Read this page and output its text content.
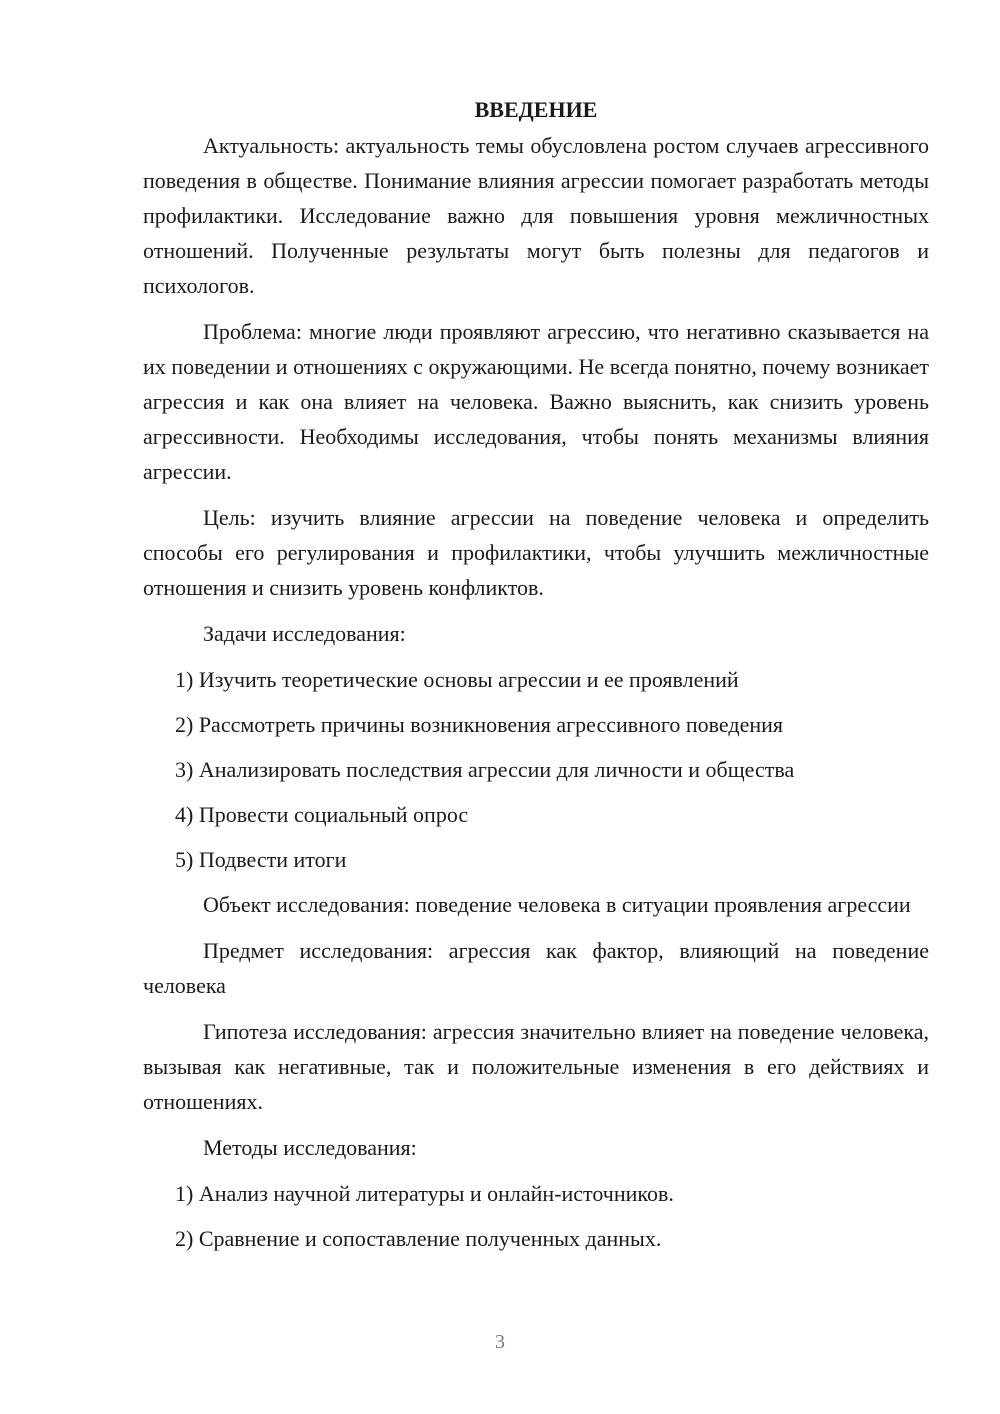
ВВЕДЕНИЕ

Актуальность: актуальность темы обусловлена ростом случаев агрессивного поведения в обществе. Понимание влияния агрессии помогает разработать методы профилактики. Исследование важно для повышения уровня межличностных отношений. Полученные результаты могут быть полезны для педагогов и психологов.

Проблема: многие люди проявляют агрессию, что негативно сказывается на их поведении и отношениях с окружающими. Не всегда понятно, почему возникает агрессия и как она влияет на человека. Важно выяснить, как снизить уровень агрессивности. Необходимы исследования, чтобы понять механизмы влияния агрессии.

Цель: изучить влияние агрессии на поведение человека и определить способы его регулирования и профилактики, чтобы улучшить межличностные отношения и снизить уровень конфликтов.

Задачи исследования:

1) Изучить теоретические основы агрессии и ее проявлений
2) Рассмотреть причины возникновения агрессивного поведения
3) Анализировать последствия агрессии для личности и общества
4) Провести социальный опрос
5) Подвести итоги

Объект исследования: поведение человека в ситуации проявления агрессии

Предмет исследования: агрессия как фактор, влияющий на поведение человека

Гипотеза исследования: агрессия значительно влияет на поведение человека, вызывая как негативные, так и положительные изменения в его действиях и отношениях.

Методы исследования:

1) Анализ научной литературы и онлайн-источников.
2) Сравнение и сопоставление полученных данных.
3
